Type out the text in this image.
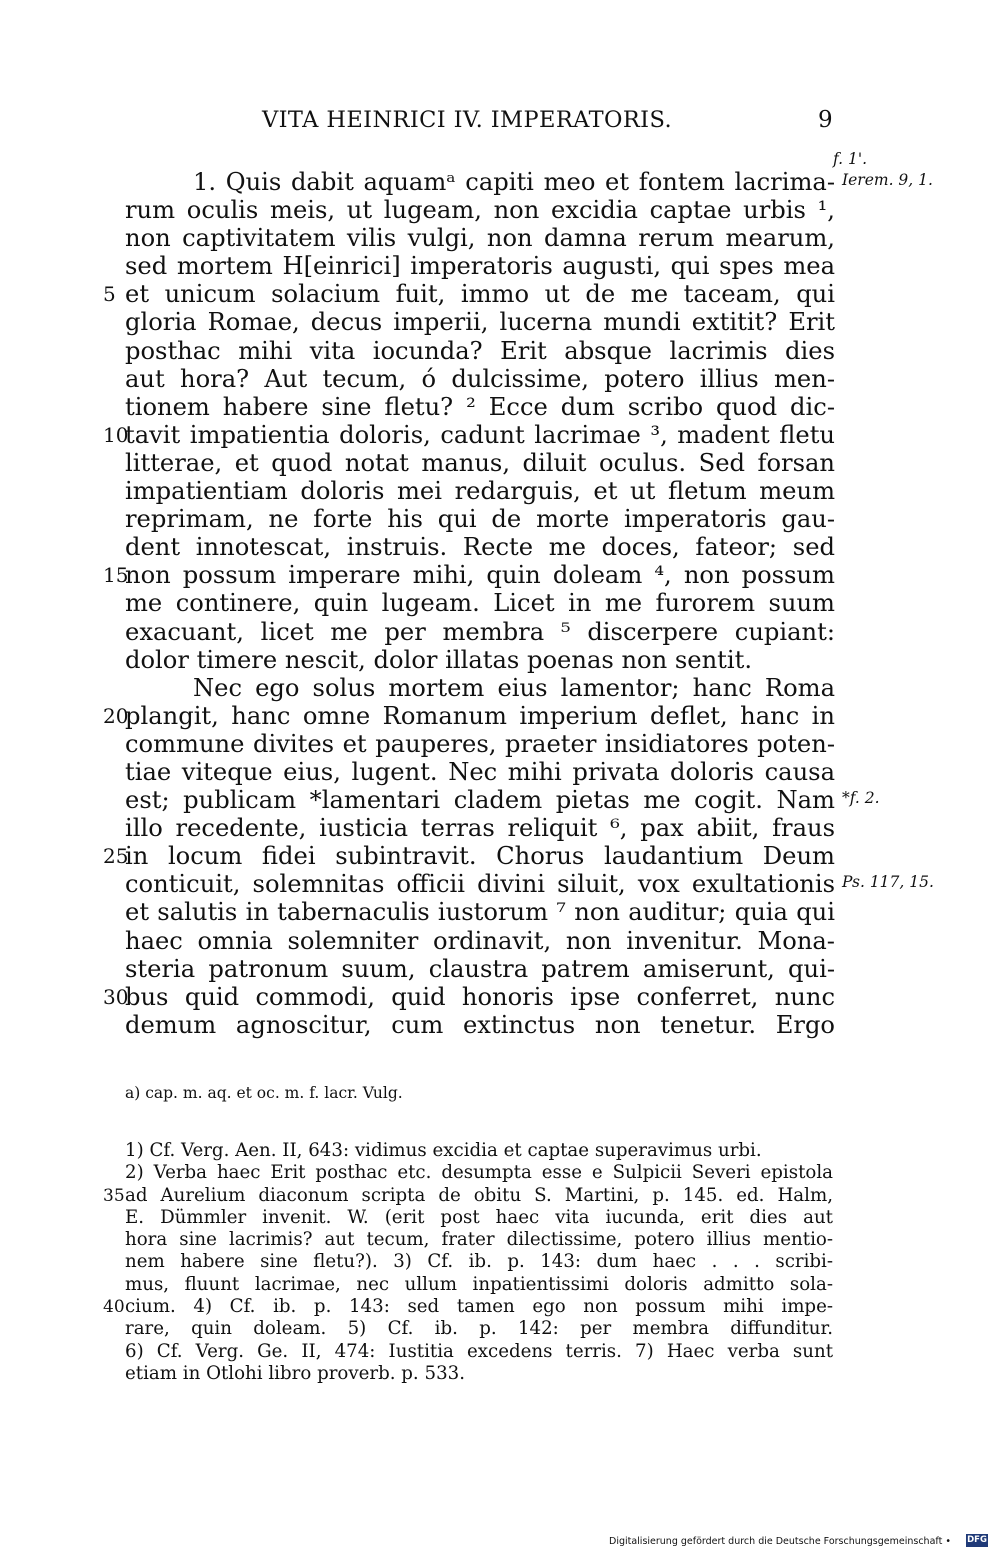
VITA HEINRICI IV. IMPERATORIS.	9
f. 1'.
1. Quis dabit aquamᵃ capiti meo et fontem lacrima- Ierem. 9, 1.
rum oculis meis, ut lugeam, non excidia captae urbis ¹,
non captivitatem vilis vulgi, non damna rerum mearum,
sed mortem H[einrici] imperatoris augusti, qui spes mea
5 et unicum solacium fuit, immo ut de me taceam, qui
gloria Romae, decus imperii, lucerna mundi extitit? Erit
posthac mihi vita iocunda? Erit absque lacrimis dies
aut hora? Aut tecum, ó dulcissime, potero illius men-
tionem habere sine fletu? ² Ecce dum scribo quod dic-
10
tavit impatientia doloris, cadunt lacrimae ³, madent fletu
litterae, et quod notat manus, diluit oculus. Sed forsan
impatientiam doloris mei redarguis, et ut fletum meum
reprimam, ne forte his qui de morte imperatoris gau-
dent innotescat, instruis. Recte me doces, fateor; sed
15
non possum imperare mihi, quin doleam ⁴, non possum
me continere, quin lugeam. Licet in me furorem suum
exacuant, licet me per membra ⁵ discerpere cupiant:
dolor timere nescit, dolor illatas poenas non sentit.
Nec ego solus mortem eius lamentor; hanc Roma
20
plangit, hanc omne Romanum imperium deflet, hanc in
commune divites et pauperes, praeter insidiatores poten-
tiae viteque eius, lugent. Nec mihi privata doloris causa
est; publicam *lamentari cladem pietas me cogit. Nam *f. 2.
illo recedente, iusticia terras reliquit ⁶, pax abiit, fraus
25
in locum fidei subintravit. Chorus laudantium Deum
conticuit, solemnitas officii divini siluit, vox exultationis Ps. 117, 15.
et salutis in tabernaculis iustorum ⁷ non auditur; quia qui
haec omnia solemniter ordinavit, non invenitur. Mona-
steria patronum suum, claustra patrem amiserunt, qui-
30
bus quid commodi, quid honoris ipse conferret, nunc
demum agnoscitur, cum extinctus non tenetur. Ergo
a) cap. m. aq. et oc. m. f. lacr. Vulg.
1) Cf. Verg. Aen. II, 643: vidimus excidia et captae superavimus urbi.
2) Verba haec Erit posthac etc. desumpta esse e Sulpicii Severi epistola
35 ad Aurelium diaconum scripta de obitu S. Martini, p. 145. ed. Halm,
E. Dümmler invenit. W. (erit post haec vita iucunda, erit dies aut
hora sine lacrimis? aut tecum, frater dilectissime, potero illius mentio-
nem habere sine fletu?). 3) Cf. ib. p. 143: dum haec . . . scribi-
mus, fluunt lacrimae, nec ullum inpatientissimi doloris admitto sola-
40 cium. 4) Cf. ib. p. 143: sed tamen ego non possum mihi impe-
rare, quin doleam. 5) Cf. ib. p. 142: per membra diffunditur.
6) Cf. Verg. Ge. II, 474: Iustitia excedens terris. 7) Haec verba sunt
etiam in Otlohi libro proverb. p. 533.
Digitalisierung gefördert durch die Deutsche Forschungsgemeinschaft • DFG
